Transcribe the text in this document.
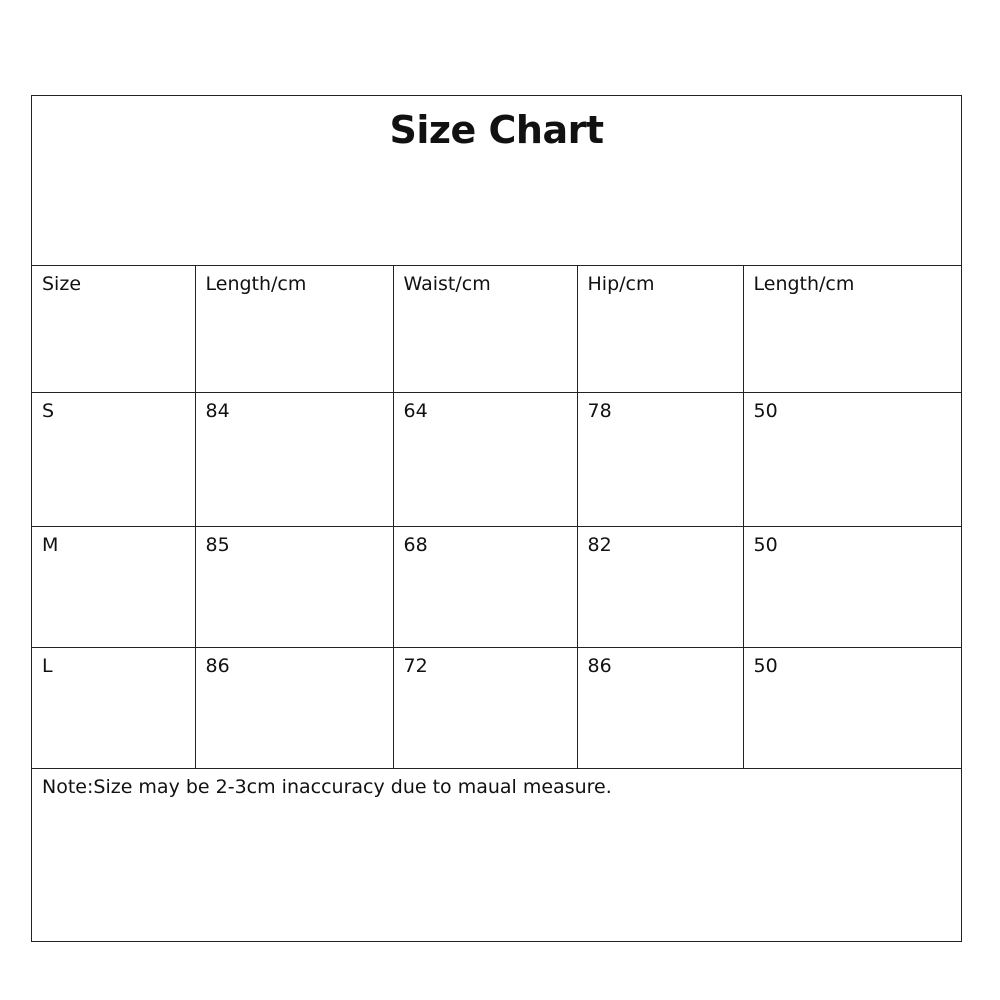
Size Chart
Size	Length/cm	Waist/cm	Hip/cm	Length/cm
S	84	64	78	50
M	85	68	82	50
L	86	72	86	50
Note:Size may be 2-3cm inaccuracy due to maual measure.
